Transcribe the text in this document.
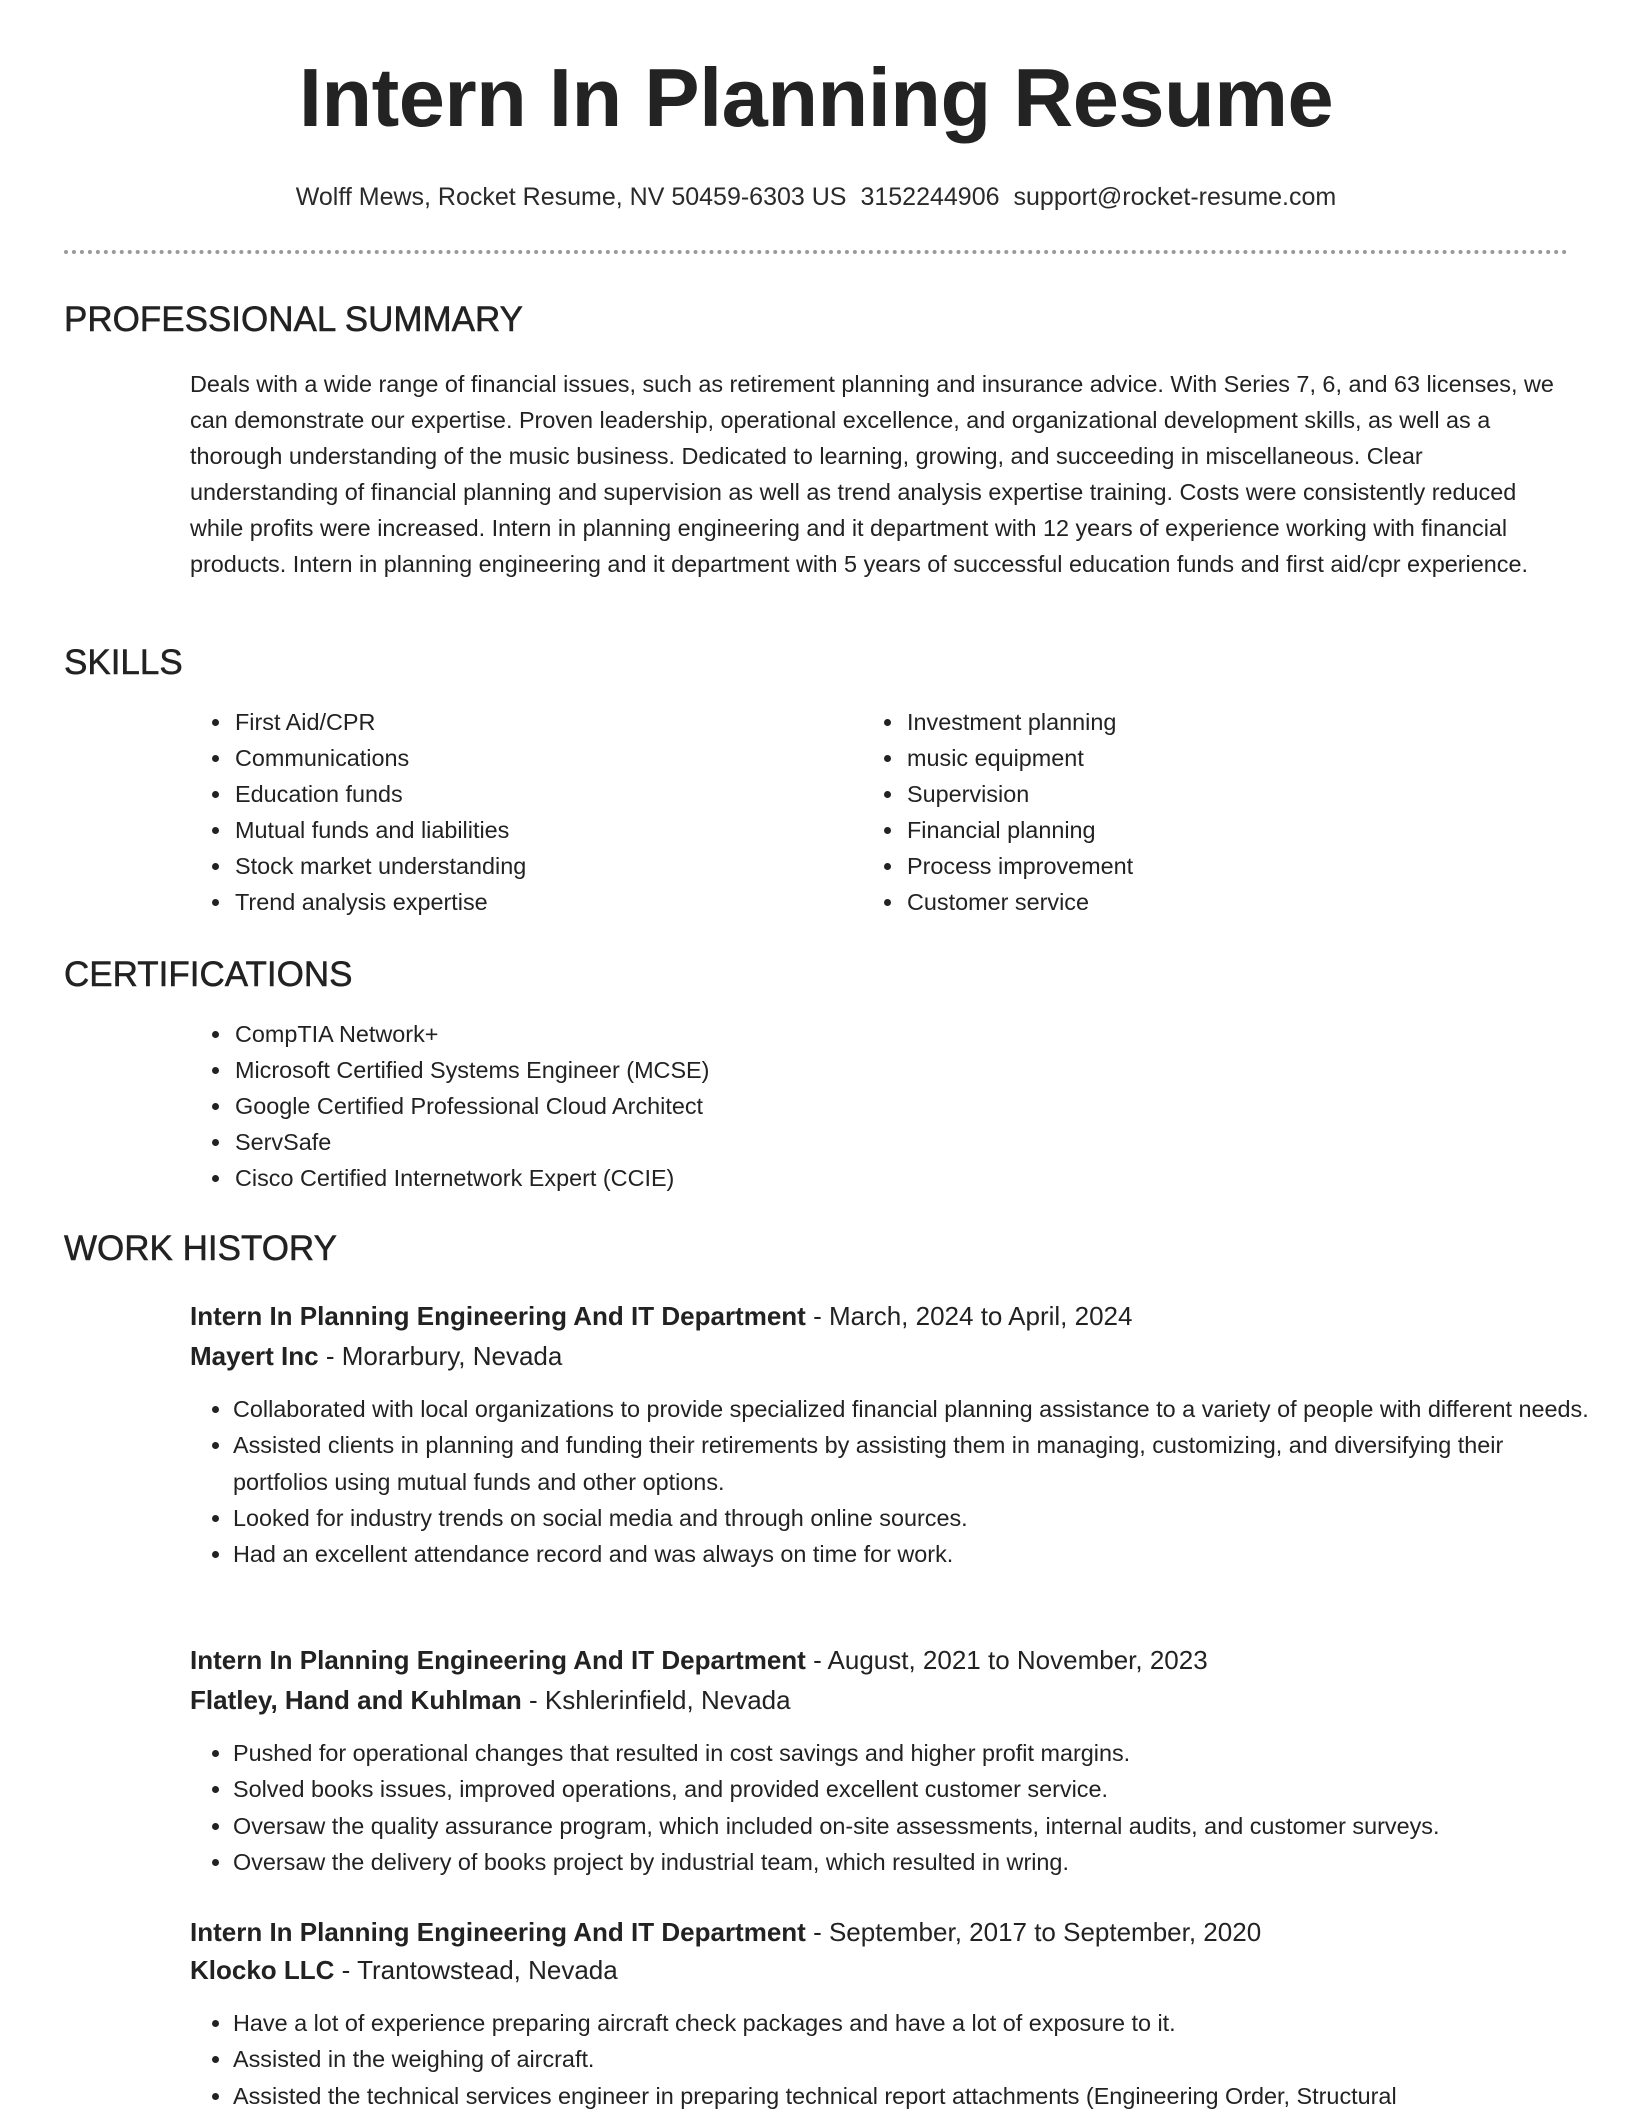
Intern In Planning Resume
Wolff Mews, Rocket Resume, NV 50459-6303 US 3152244906 support@rocket-resume.com
PROFESSIONAL SUMMARY

Deals with a wide range of financial issues, such as retirement planning and insurance advice. With Series 7, 6, and 63 licenses, we can demonstrate our expertise. Proven leadership, operational excellence, and organizational development skills, as well as a thorough understanding of the music business. Dedicated to learning, growing, and succeeding in miscellaneous. Clear understanding of financial planning and supervision as well as trend analysis expertise training. Costs were consistently reduced while profits were increased. Intern in planning engineering and it department with 12 years of experience working with financial products. Intern in planning engineering and it department with 5 years of successful education funds and first aid/cpr experience.

SKILLS
• First Aid/CPR
• Communications
• Education funds
• Mutual funds and liabilities
• Stock market understanding
• Trend analysis expertise
• Investment planning
• music equipment
• Supervision
• Financial planning
• Process improvement
• Customer service
CERTIFICATIONS
• CompTIA Network+
• Microsoft Certified Systems Engineer (MCSE)
• Google Certified Professional Cloud Architect
• ServSafe
• Cisco Certified Internetwork Expert (CCIE)
WORK HISTORY
Intern In Planning Engineering And IT Department - March, 2024 to April, 2024
Mayert Inc - Morarbury, Nevada
• Collaborated with local organizations to provide specialized financial planning assistance to a variety of people with different needs.
• Assisted clients in planning and funding their retirements by assisting them in managing, customizing, and diversifying their portfolios using mutual funds and other options.
• Looked for industry trends on social media and through online sources.
• Had an excellent attendance record and was always on time for work.
Intern In Planning Engineering And IT Department - August, 2021 to November, 2023
Flatley, Hand and Kuhlman - Kshlerinfield, Nevada
• Pushed for operational changes that resulted in cost savings and higher profit margins.
• Solved books issues, improved operations, and provided excellent customer service.
• Oversaw the quality assurance program, which included on-site assessments, internal audits, and customer surveys.
• Oversaw the delivery of books project by industrial team, which resulted in wring.
Intern In Planning Engineering And IT Department - September, 2017 to September, 2020
Klocko LLC - Trantowstead, Nevada
• Have a lot of experience preparing aircraft check packages and have a lot of exposure to it.
• Assisted in the weighing of aircraft.
• Assisted the technical services engineer in preparing technical report attachments (Engineering Order, Structural
